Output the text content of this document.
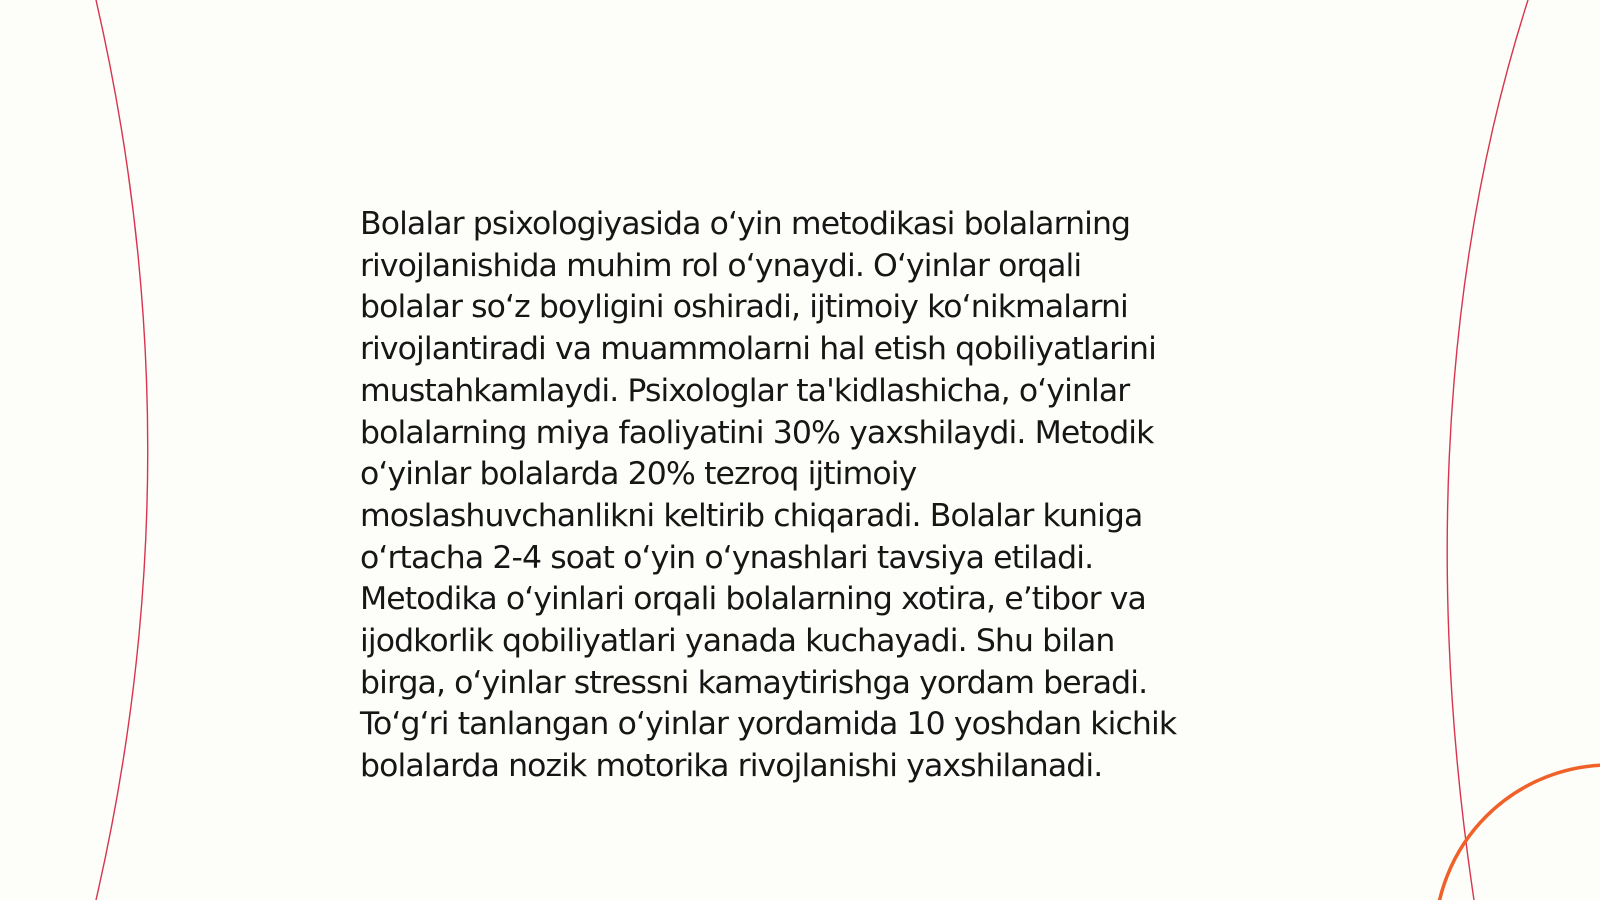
Bolalar psixologiyasida o‘yin metodikasi bolalarning
rivojlanishida muhim rol o‘ynaydi. O‘yinlar orqali
bolalar so‘z boyligini oshiradi, ijtimoiy ko‘nikmalarni
rivojlantiradi va muammolarni hal etish qobiliyatlarini
mustahkamlaydi. Psixologlar ta'kidlashicha, o‘yinlar
bolalarning miya faoliyatini 30% yaxshilaydi. Metodik
o‘yinlar bolalarda 20% tezroq ijtimoiy
moslashuvchanlikni keltirib chiqaradi. Bolalar kuniga
o‘rtacha 2-4 soat o‘yin o‘ynashlari tavsiya etiladi.
Metodika o‘yinlari orqali bolalarning xotira, e’tibor va
ijodkorlik qobiliyatlari yanada kuchayadi. Shu bilan
birga, o‘yinlar stressni kamaytirishga yordam beradi.
To‘g‘ri tanlangan o‘yinlar yordamida 10 yoshdan kichik
bolalarda nozik motorika rivojlanishi yaxshilanadi.
